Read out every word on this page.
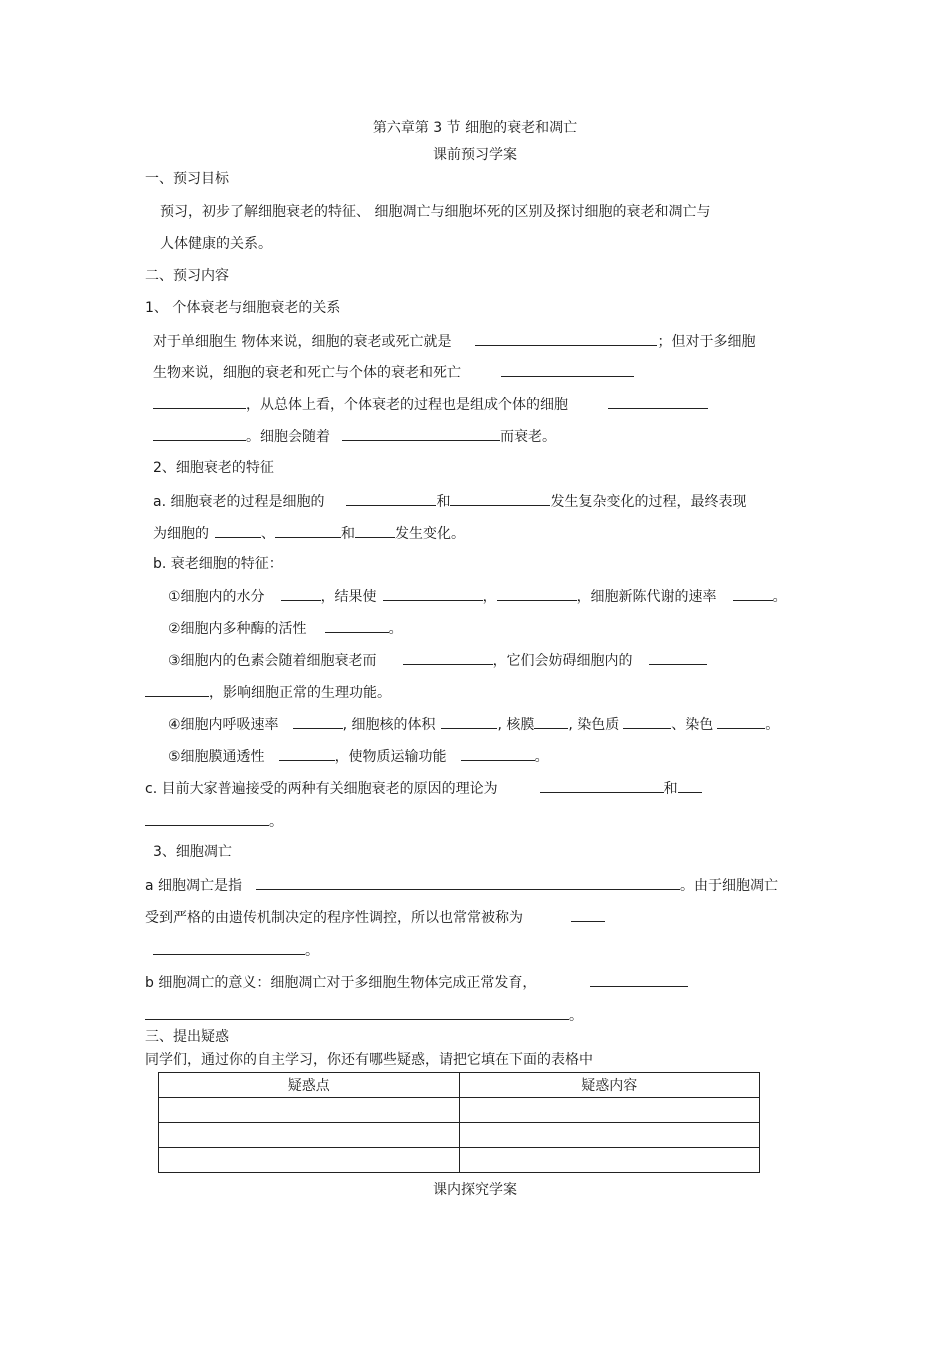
第六章第 3 节 细胞的衰老和凋亡
课前预习学案
一、预习目标
预习，初步了解细胞衰老的特征、 细胞凋亡与细胞坏死的区别及探讨细胞的衰老和凋亡与
人体健康的关系。
二、预习内容
1、 个体衰老与细胞衰老的关系
对于单细胞生 物体来说，细胞的衰老或死亡就是	；但对于多细胞
生物来说，细胞的衰老和死亡与个体的衰老和死亡
，从总体上看，个体衰老的过程也是组成个体的细胞
。细胞会随着	而衰老。
2、细胞衰老的特征
a. 细胞衰老的过程是细胞的	和	发生复杂变化的过程，最终表现
为细胞的	、	和	发生变化。
b. 衰老细胞的特征：
①细胞内的水分	，结果使	，	，细胞新陈代谢的速率	。
②细胞内多种酶的活性	。
③细胞内的色素会随着细胞衰老而	，它们会妨碍细胞内的
，影响细胞正常的生理功能。
④细胞内呼吸速率	, 细胞核的体积	, 核膜 , 染色质	、染色	。
⑤细胞膜通透性	，使物质运输功能	。
c. 目前大家普遍接受的两种有关细胞衰老的原因的理论为	和
。
3、细胞凋亡
a 细胞凋亡是指	。由于细胞凋亡
受到严格的由遗传机制决定的程序性调控，所以也常常被称为
。
b 细胞凋亡的意义：细胞凋亡对于多细胞生物体完成正常发育，
。
三、提出疑惑
同学们，通过你的自主学习，你还有哪些疑惑，请把它填在下面的表格中
疑惑点	疑惑内容

课内探究学案
